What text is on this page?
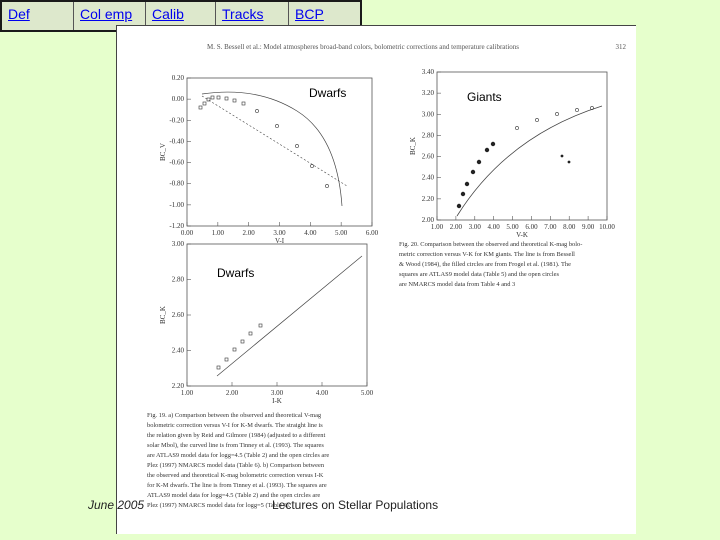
Def	Col emp	Calib	Tracks	BCP
M. S. Bessell et al.: Model atmospheres broad-band colors, bolometric corrections and temperature calibrations	312
0.20
0.00
-0.20
-0.40
-0.60
-0.80
-1.00
-1.20
0.00	1.00	2.00	3.00	4.00	5.00	6.00
V-I
BC_V
3.40
3.20
3.00
2.80
2.60
2.40
2.20
2.00
1.00 2.00 3.00 4.00 5.00 6.00 7.00 8.00 9.00 10.00
V-K
BC_K
3.00
2.80
2.60
2.40
2.20
1.00	2.00	3.00	4.00	5.00
I-K
BC_K
Dwarfs	Giants
Dwarfs
Fig. 20. Comparison between the observed and theoretical K-mag bolo-
metric correction versus V-K for KM giants. The line is from Bessell
& Wood (1984), the filled circles are from Frogel et al. (1981). The
squares are ATLAS9 model data (Table 5) and the open circles
are NMARCS model data from Table 4 and 3
Fig. 19. a) Comparison between the observed and theoretical V-mag
bolometric correction versus V-I for K-M dwarfs. The straight line is
the relation given by Reid and Gilmore (1984) (adjusted to a different
solar Mbol), the curved line is from Tinney et al. (1993). The squares
are ATLAS9 model data for logg=4.5 (Table 2) and the open circles are
Plez (1997) NMARCS model data (Table 6). b) Comparison between
the observed and theoretical K-mag bolometric correction versus I-K
for K-M dwarfs. The line is from Tinney et al. (1993). The squares are
ATLAS9 model data for logg=4.5 (Table 2) and the open circles are
Plez (1997) NMARCS model data for logg=5 (Table 6).
June 2005	Lectures on Stellar Populations
